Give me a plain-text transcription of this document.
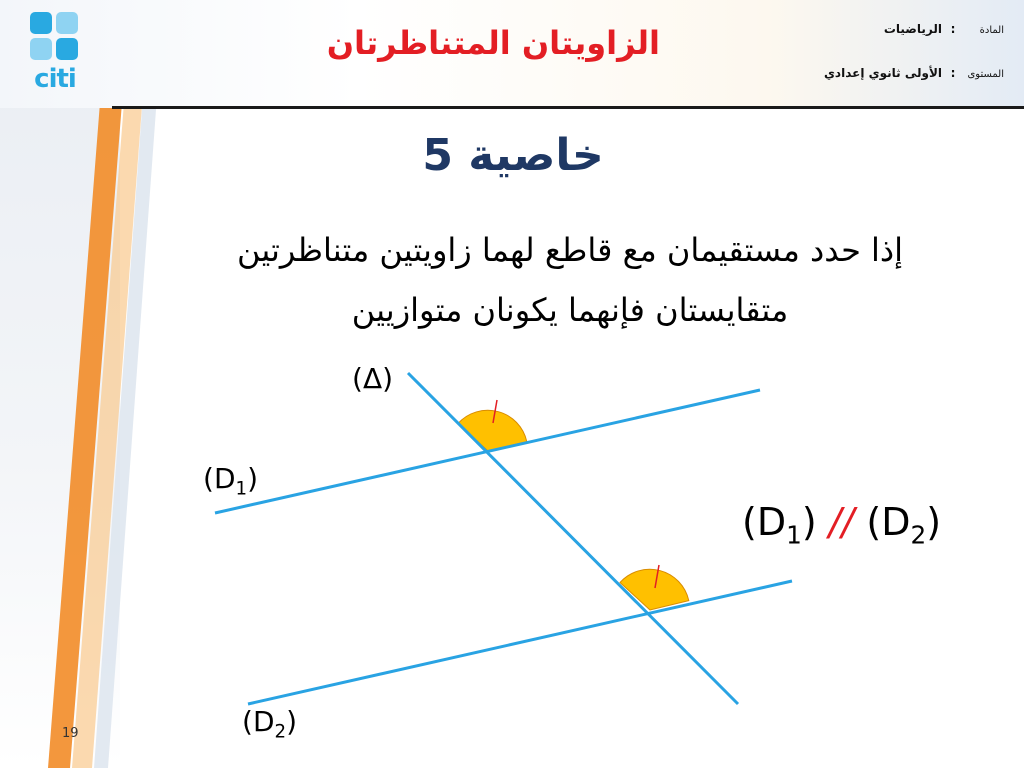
citi
الزاويتان المتناظرتان	المادة:الرياضيات
المستوى:الأولى ثانوي إعدادي
خاصية 5
إذا حدد مستقيمان مع قاطع لهما زاويتين متناظرتين
متقايستان فإنهما يكونان متوازيين
(Δ)
$(D_1)$
$(D_2)$
$(D_1) // (D_2)$
19
